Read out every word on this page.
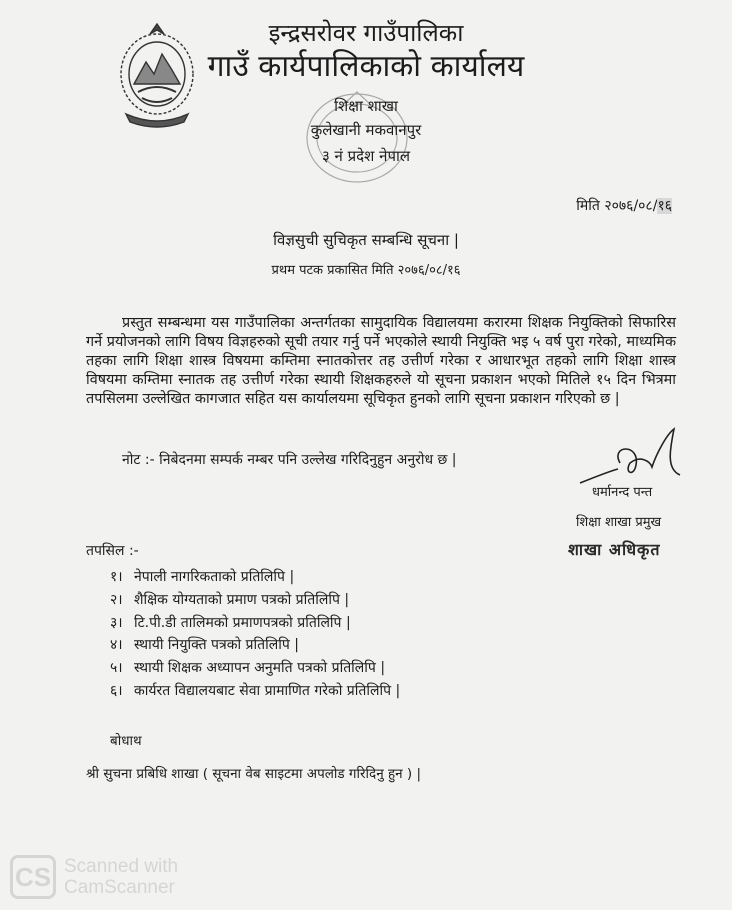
इन्द्रसरोवर गाउँपालिका
गाउँ कार्यपालिकाको कार्यालय
शिक्षा शाखा
कुलेखानी मकवानपुर
३ नं प्रदेश नेपाल
मिति २०७६/०८/१६
विज्ञसुची सुचिकृत सम्बन्धि सूचना |
प्रथम पटक प्रकासित मिति २०७६/०८/१६

प्रस्तुत सम्बन्धमा यस गाउँपालिका अन्तर्गतका सामुदायिक विद्यालयमा करारमा शिक्षक नियुक्तिको सिफारिस गर्ने प्रयोजनको लागि विषय विज्ञहरुको सूची तयार गर्नु पर्ने भएकोले स्थायी नियुक्ति भइ ५ वर्ष पुरा गरेको, माध्यमिक तहका लागि शिक्षा शास्त्र विषयमा कम्तिमा स्नातकोत्तर तह उत्तीर्ण गरेका र आधारभूत तहको लागि शिक्षा शास्त्र विषयमा कम्तिमा स्नातक तह उत्तीर्ण गरेका स्थायी शिक्षकहरुले यो सूचना प्रकाशन भएको मितिले १५ दिन भित्रमा तपसिलमा उल्लेखित कागजात सहित यस कार्यालयमा सूचिकृत हुनको लागि सूचना प्रकाशन गरिएको छ |

नोट :- निबेदनमा सम्पर्क नम्बर पनि उल्लेख गरिदिनुहुन अनुरोध छ |
धर्मानन्द पन्त
शिक्षा शाखा प्रमुख
शाखा अधिकृत
तपसिल :-
१। नेपाली नागरिकताको प्रतिलिपि |
२। शैक्षिक योग्यताको प्रमाण पत्रको प्रतिलिपि |
३। टि.पी.डी तालिमको प्रमाणपत्रको प्रतिलिपि |
४। स्थायी नियुक्ति पत्रको प्रतिलिपि |
५। स्थायी शिक्षक अध्यापन अनुमति पत्रको प्रतिलिपि |
६। कार्यरत विद्यालयबाट सेवा प्रामाणित गरेको प्रतिलिपि |
बोधाथ
श्री सुचना प्रबिधि शाखा ( सूचना वेब साइटमा अपलोड गरिदिनु हुन ) |
CS Scanned with
CamScanner
